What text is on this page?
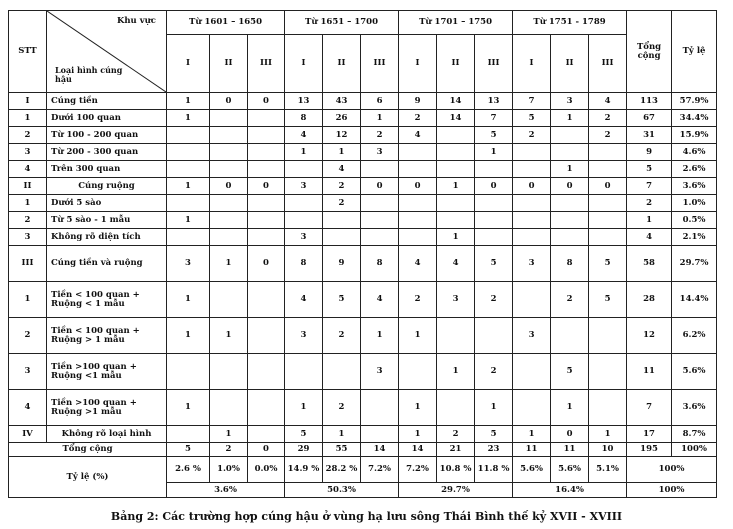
STT	Khu vực
Loại hình cúng hậu	Từ 1601 – 1650			Từ 1651 – 1700			Từ 1701 – 1750			Từ 1751 - 1789			Tổng cộng	Tỷ lệ
		I	II	III	I	II	III	I	II	III	I	II	III		
I	Cúng tiền	1	0	0	13	43	6	9	14	13	7	3	4	113	57.9%
1	Dưới 100 quan	1			8	26	1	2	14	7	5	1	2	67	34.4%
2	Từ 100 - 200 quan				4	12	2	4		5	2		2	31	15.9%
3	Từ 200 - 300 quan				1	1	3			1				9	4.6%
4	Trên 300 quan					4						1		5	2.6%
II	Cúng ruộng	1	0	0	3	2	0	0	1	0	0	0	0	7	3.6%
1	Dưới 5 sào					2								2	1.0%
2	Từ 5 sào - 1 mẫu	1												1	0.5%
3	Không rõ diện tích				3				1					4	2.1%
III	Cúng tiền và ruộng	3	1	0	8	9	8	4	4	5	3	8	5	58	29.7%
1	Tiền < 100 quan + Ruộng < 1 mẫu	1			4	5	4	2	3	2		2	5	28	14.4%
2	Tiền < 100 quan + Ruộng > 1 mẫu	1	1		3	2	1	1			3			12	6.2%
3	Tiền >100 quan + Ruộng <1 mẫu						3		1	2		5		11	5.6%
4	Tiền >100 quan + Ruộng >1 mẫu	1			1	2		1		1		1		7	3.6%
IV	Không rõ loại hình		1		5	1		1	2	5	1	0	1	17	8.7%
Tổng cộng		5	2	0	29	55	14	14	21	23	11	11	10	195	100%
Tỷ lệ (%)		2.6 %	1.0%	0.0%	14.9 %	28.2 %	7.2%	7.2%	10.8 %	11.8 %	5.6%	5.6%	5.1%	100%	
		3.6%			50.3%			29.7%			16.4%			100%	
Bảng 2: Các trường hợp cúng hậu ở vùng hạ lưu sông Thái Bình thế kỷ XVII - XVIII
